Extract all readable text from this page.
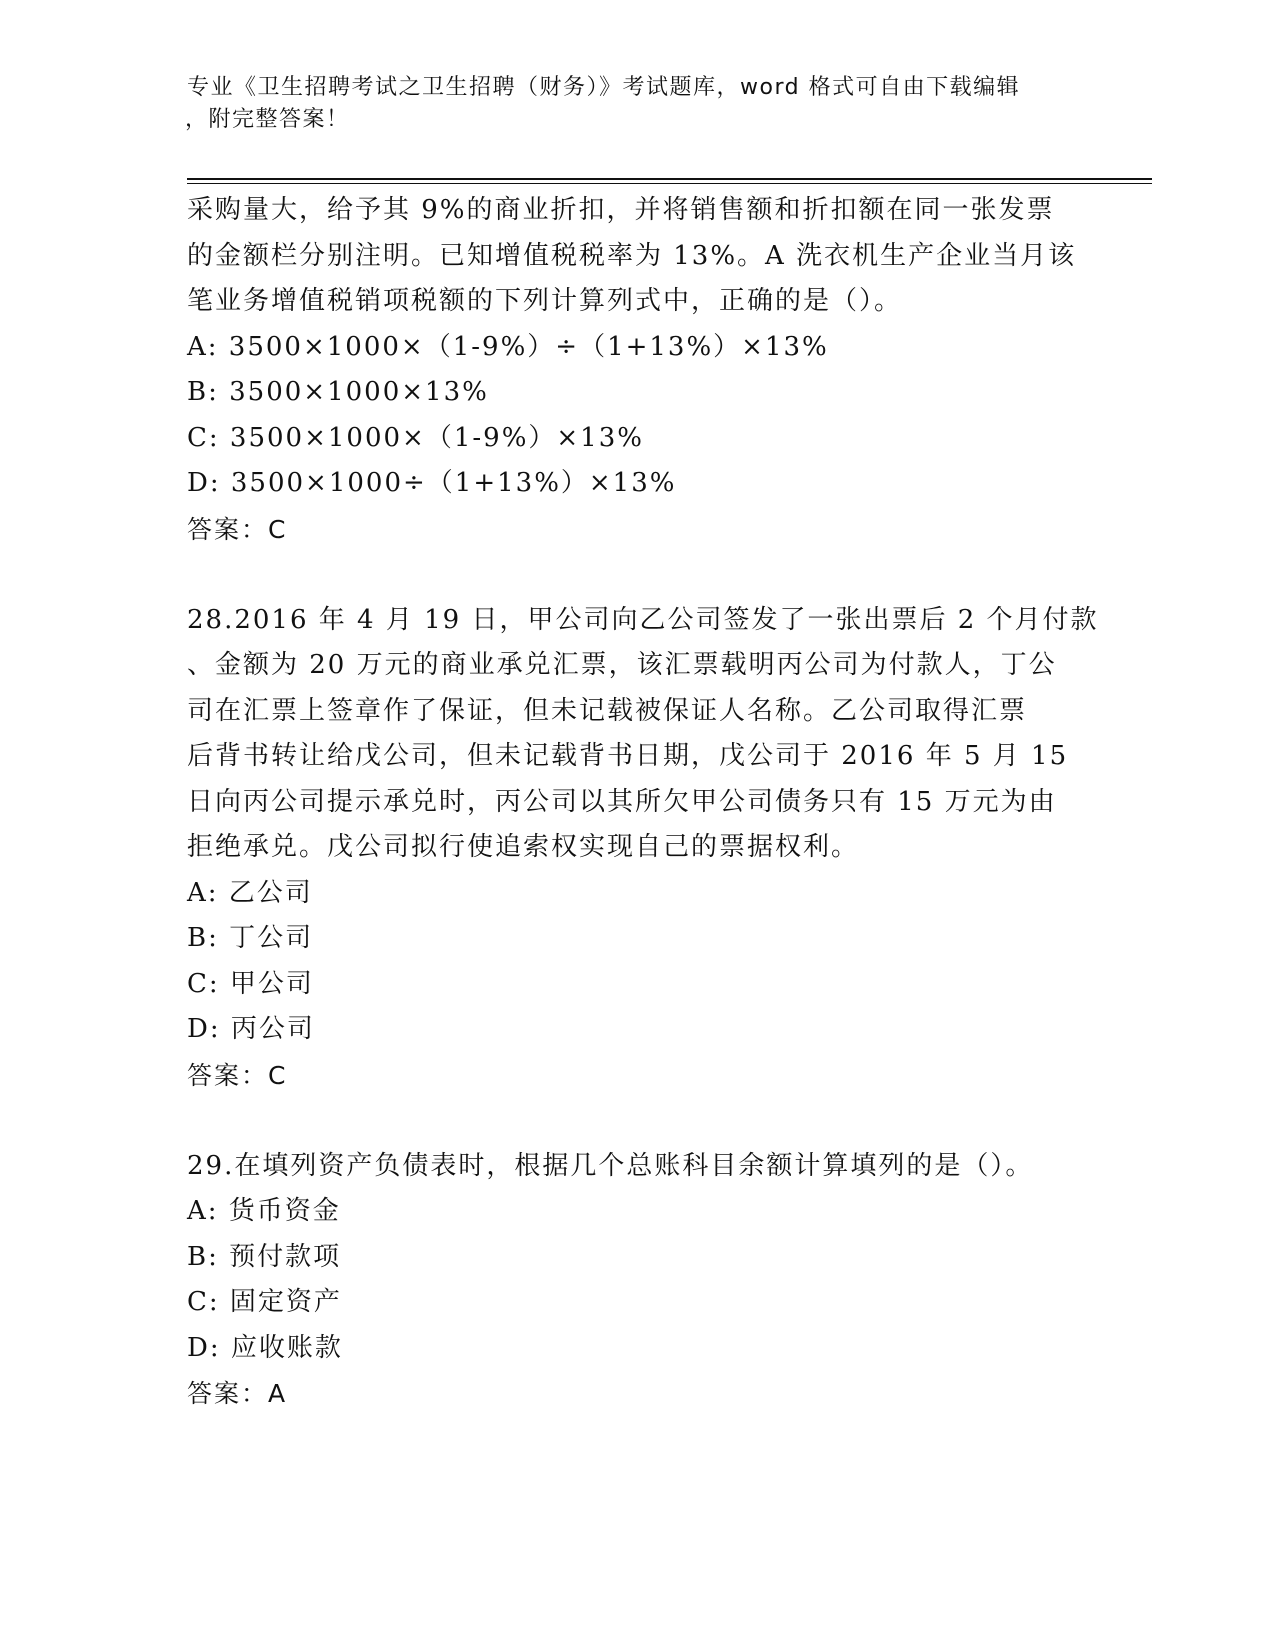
专业《卫生招聘考试之卫生招聘（财务）》考试题库，word 格式可自由下载编辑
，附完整答案！
采购量大，给予其 9%的商业折扣，并将销售额和折扣额在同一张发票
的金额栏分别注明。已知增值税税率为 13%。A 洗衣机生产企业当月该
笔业务增值税销项税额的下列计算列式中，正确的是（）。
A: 3500×1000×（1-9%）÷（1+13%）×13%
B: 3500×1000×13%
C: 3500×1000×（1-9%）×13%
D: 3500×1000÷（1+13%）×13%
答案：C
28.2016 年 4 月 19 日，甲公司向乙公司签发了一张出票后 2 个月付款
、金额为 20 万元的商业承兑汇票，该汇票载明丙公司为付款人，丁公
司在汇票上签章作了保证，但未记载被保证人名称。乙公司取得汇票
后背书转让给戊公司，但未记载背书日期，戊公司于 2016 年 5 月 15
日向丙公司提示承兑时，丙公司以其所欠甲公司债务只有 15 万元为由
拒绝承兑。戊公司拟行使追索权实现自己的票据权利。
A: 乙公司
B: 丁公司
C: 甲公司
D: 丙公司
答案：C
29.在填列资产负债表时，根据几个总账科目余额计算填列的是（）。
A: 货币资金
B: 预付款项
C: 固定资产
D: 应收账款
答案：A
